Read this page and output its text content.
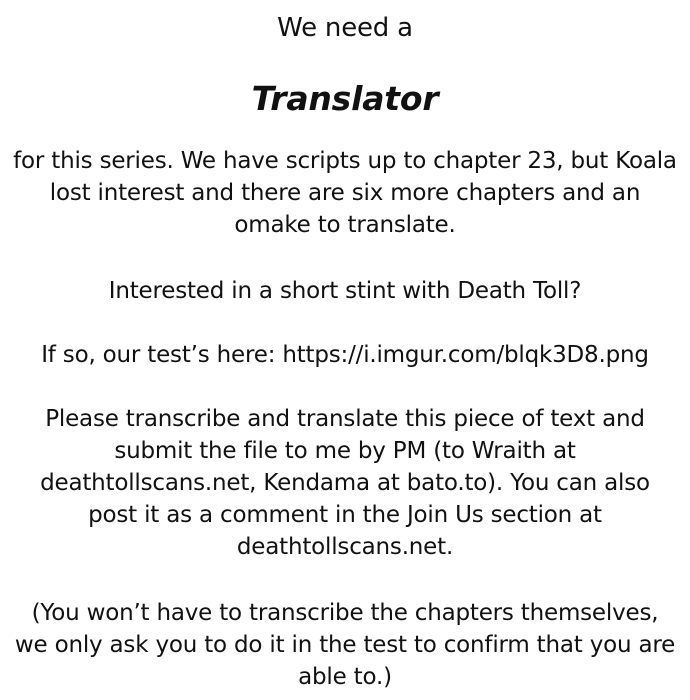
We need a
Translator
for this series. We have scripts up to chapter 23, but Koala
lost interest and there are six more chapters and an
omake to translate.
Interested in a short stint with Death Toll?
If so, our test’s here: https://i.imgur.com/blqk3D8.png
Please transcribe and translate this piece of text and
submit the file to me by PM (to Wraith at
deathtollscans.net, Kendama at bato.to). You can also
post it as a comment in the Join Us section at
deathtollscans.net.
(You won’t have to transcribe the chapters themselves,
we only ask you to do it in the test to confirm that you are
able to.)
